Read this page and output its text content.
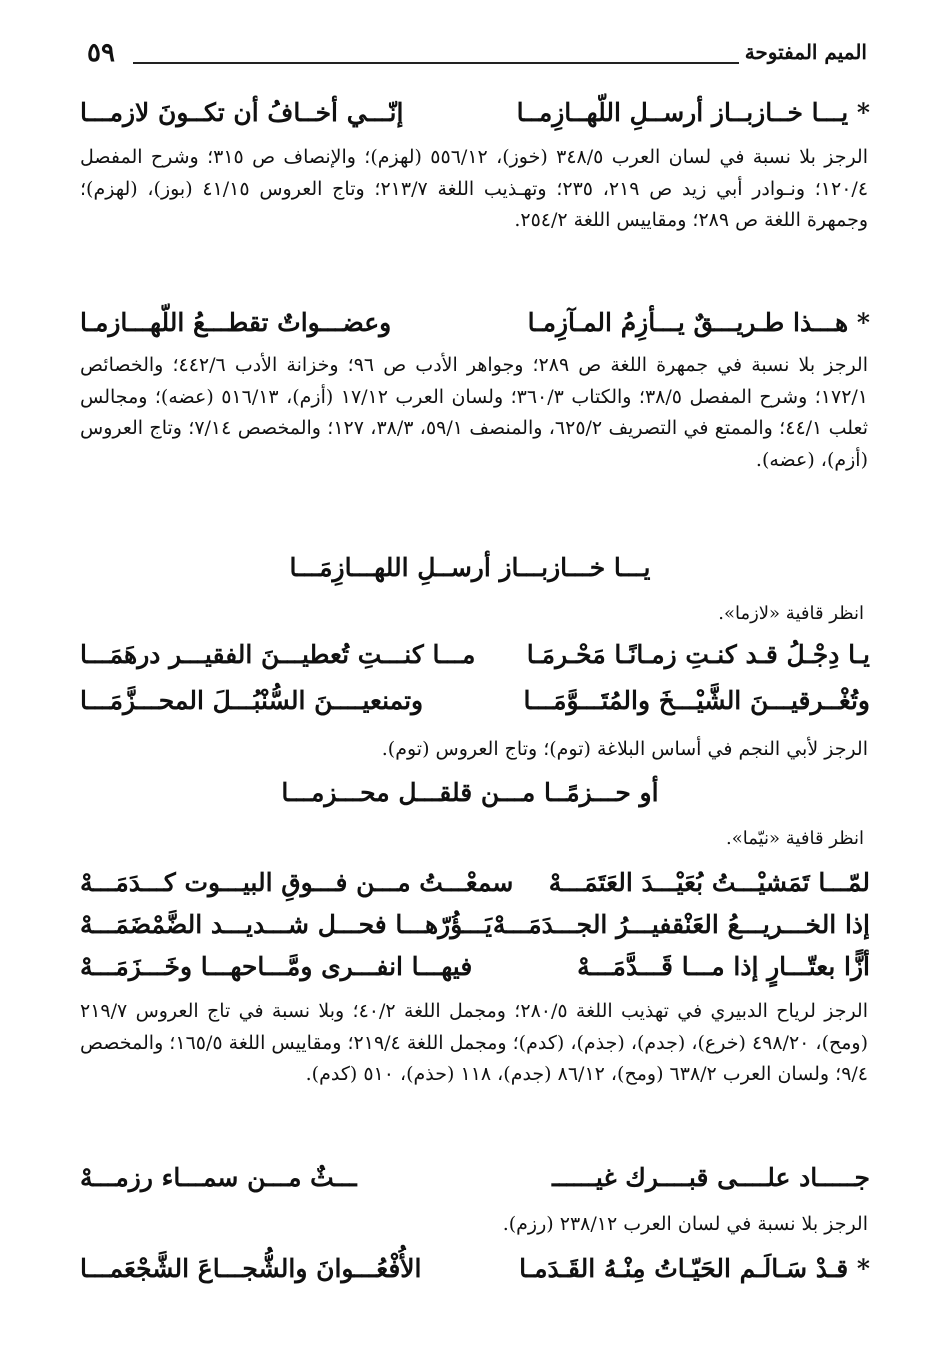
٥٩	الميم المفتوحة
* يـــا خــازبــاز أرســلِ اللّهــازِمــا
إنّـــي أخــافُ أن تكــونَ لازمـــا
الرجز بلا نسبة في لسان العرب ٣٤٨/٥ (خوز)، ٥٥٦/١٢ (لهزم)؛ والإنصاف ص ٣١٥؛ وشرح المفصل ١٢٠/٤؛ ونـوادر أبي زيد ص ٢١٩، ٢٣٥؛ وتهـذيب اللغة ٢١٣/٧؛ وتاج العروس ٤١/١٥ (بوز)، (لهزم)؛ وجمهرة اللغة ص ٢٨٩؛ ومقاييس اللغة ٢٥٤/٢.
* هـــذا طـريـــقٌ يـــأزِمُ المـآزِمـا
وعضـــواتٌ تقطـــعُ اللّهـــازمـا
الرجز بلا نسبة في جمهرة اللغة ص ٢٨٩؛ وجواهر الأدب ص ٩٦؛ وخزانة الأدب ٤٤٢/٦؛ والخصائص ١٧٢/١؛ وشرح المفصل ٣٨/٥؛ والكتاب ٣٦٠/٣؛ ولسان العرب ١٧/١٢ (أزم)، ٥١٦/١٣ (عضه)؛ ومجالس ثعلب ٤٤/١؛ والممتع في التصريف ٦٢٥/٢، والمنصف ٥٩/١، ٣٨/٣، ١٢٧؛ والمخصص ٧/١٤؛ وتاج العروس (أزم)، (عضه).
يـــا خـــازبـــاز أرســلِ اللهـــازِمَـــا
انظر قافية «لازما».
يـا دِجْـلُ قـد كنـتِ زمـانًـا مَحْـرمَـا
مـــا كنـــتِ تُعطيـــنَ الفقيـــر درهَمَـــا
وتُغْــرقيـــنَ الشَّيْـــخَ والمُتَـــوَّمَـــا
وتمنعيــــنَ السُّنْبُـــلَ المحـــزَّمَـــا
الرجز لأبي النجم في أساس البلاغة (توم)؛ وتاج العروس (توم).
أو حـــزمًــا مـــن قلقـــل محـــزمـــا
انظر قافية «نيّما».
لمّـــا تَمَشيْـــتُ بُعَيْـــدَ العَتَمَـــهْ
سمعْـــتُ مـــن فـــوقِ البيـــوت كـــدَمَـــهْ
إذا الخـــريـــعُ العَنْقفيـــرُ الجـــدَمَـــهْ
يَـــؤُرّهـــا فحـــل شـــديـــد الضَّمْضَمَـــهْ
أزًّا بعتّـــارٍ إذا مـــا قَـــدَّمَـــهْ
فيهـــا انفـــرى ومَّـــاحهـــا وخَـــزَمَـــهْ
الرجز لرياح الدبيري في تهذيب اللغة ٢٨٠/٥؛ ومجمل اللغة ٤٠/٢؛ وبلا نسبة في تاج العروس ٢١٩/٧ (ومح)، ٤٩٨/٢٠ (خرع)، (جدم)، (جذم)، (كدم)؛ ومجمل اللغة ٢١٩/٤؛ ومقاييس اللغة ١٦٥/٥؛ والمخصص ٩/٤؛ ولسان العرب ٦٣٨/٢ (ومح)، ٨٦/١٢ (جدم)، ١١٨ (حذم)، ٥١٠ (كدم).
جـــــاد علــــى قبــــرك غيــــــ
ـــثٌ مـــن سمـــاء رزمـــهْ
الرجز بلا نسبة في لسان العرب ٢٣٨/١٢ (رزم).
* قـدْ سَـالَـم الحَيّـاتُ مِنْـهُ القَـدَمـا
الأُفْعُـــوانَ والشُّجـــاعَ الشَّجْعَمـــا
